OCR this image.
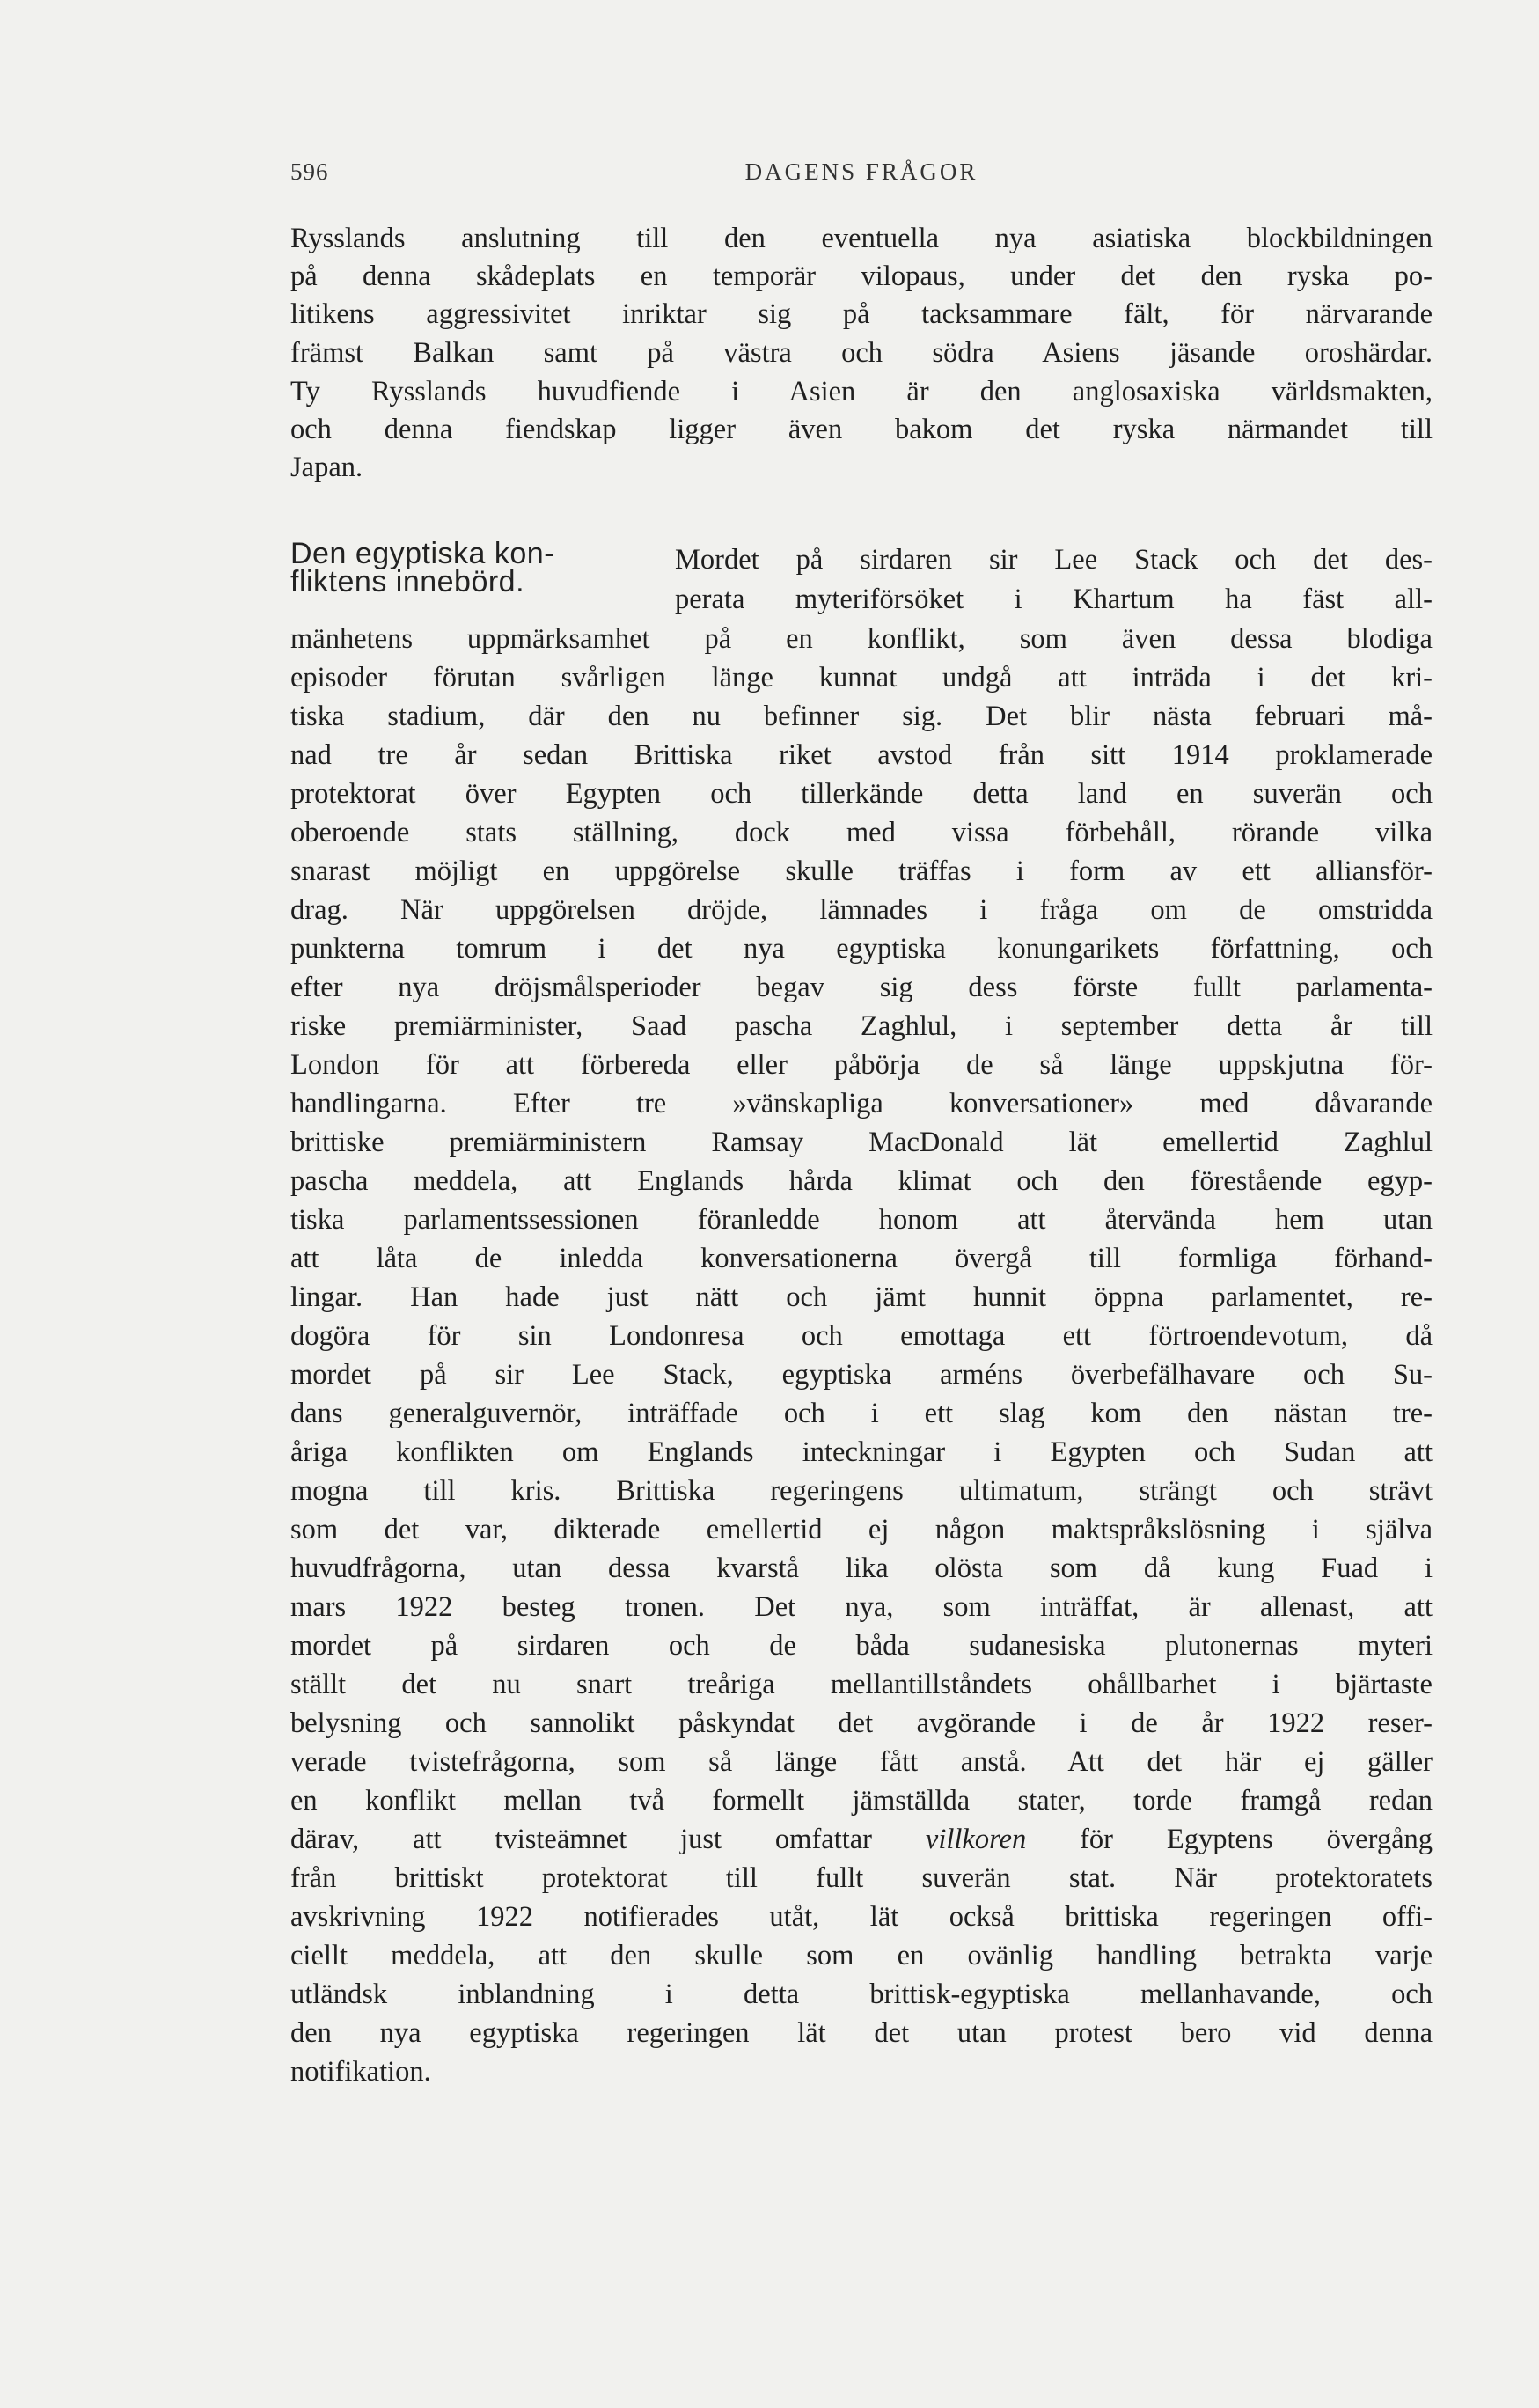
596	DAGENS FRÅGOR
Rysslands anslutning till den eventuella nya asiatiska blockbildningen
på denna skådeplats en temporär vilopaus, under det den ryska po-
litikens aggressivitet inriktar sig på tacksammare fält, för närvarande
främst Balkan samt på västra och södra Asiens jäsande oroshärdar.
Ty Rysslands huvudfiende i Asien är den anglosaxiska världsmakten,
och denna fiendskap ligger även bakom det ryska närmandet till
Japan.
Den egyptiska kon-
fliktens innebörd.
Mordet på sirdaren sir Lee Stack och det des-
perata myteriförsöket i Khartum ha fäst all-
mänhetens uppmärksamhet på en konflikt, som även dessa blodiga
episoder förutan svårligen länge kunnat undgå att inträda i det kri-
tiska stadium, där den nu befinner sig. Det blir nästa februari må-
nad tre år sedan Brittiska riket avstod från sitt 1914 proklamerade
protektorat över Egypten och tillerkände detta land en suverän och
oberoende stats ställning, dock med vissa förbehåll, rörande vilka
snarast möjligt en uppgörelse skulle träffas i form av ett alliansför-
drag. När uppgörelsen dröjde, lämnades i fråga om de omstridda
punkterna tomrum i det nya egyptiska konungarikets författning, och
efter nya dröjsmålsperioder begav sig dess förste fullt parlamenta-
riske premiärminister, Saad pascha Zaghlul, i september detta år till
London för att förbereda eller påbörja de så länge uppskjutna för-
handlingarna. Efter tre »vänskapliga konversationer» med dåvarande
brittiske premiärministern Ramsay MacDonald lät emellertid Zaghlul
pascha meddela, att Englands hårda klimat och den förestående egyp-
tiska parlamentssessionen föranledde honom att återvända hem utan
att låta de inledda konversationerna övergå till formliga förhand-
lingar. Han hade just nätt och jämt hunnit öppna parlamentet, re-
dogöra för sin Londonresa och emottaga ett förtroendevotum, då
mordet på sir Lee Stack, egyptiska arméns överbefälhavare och Su-
dans generalguvernör, inträffade och i ett slag kom den nästan tre-
åriga konflikten om Englands inteckningar i Egypten och Sudan att
mogna till kris. Brittiska regeringens ultimatum, strängt och strävt
som det var, dikterade emellertid ej någon maktspråkslösning i själva
huvudfrågorna, utan dessa kvarstå lika olösta som då kung Fuad i
mars 1922 besteg tronen. Det nya, som inträffat, är allenast, att
mordet på sirdaren och de båda sudanesiska plutonernas myteri
ställt det nu snart treåriga mellantillståndets ohållbarhet i bjärtaste
belysning och sannolikt påskyndat det avgörande i de år 1922 reser-
verade tvistefrågorna, som så länge fått anstå. Att det här ej gäller
en konflikt mellan två formellt jämställda stater, torde framgå redan
därav, att tvisteämnet just omfattar villkoren för Egyptens övergång
från brittiskt protektorat till fullt suverän stat. När protektoratets
avskrivning 1922 notifierades utåt, lät också brittiska regeringen offi-
ciellt meddela, att den skulle som en ovänlig handling betrakta varje
utländsk inblandning i detta brittisk-egyptiska mellanhavande, och
den nya egyptiska regeringen lät det utan protest bero vid denna
notifikation.
